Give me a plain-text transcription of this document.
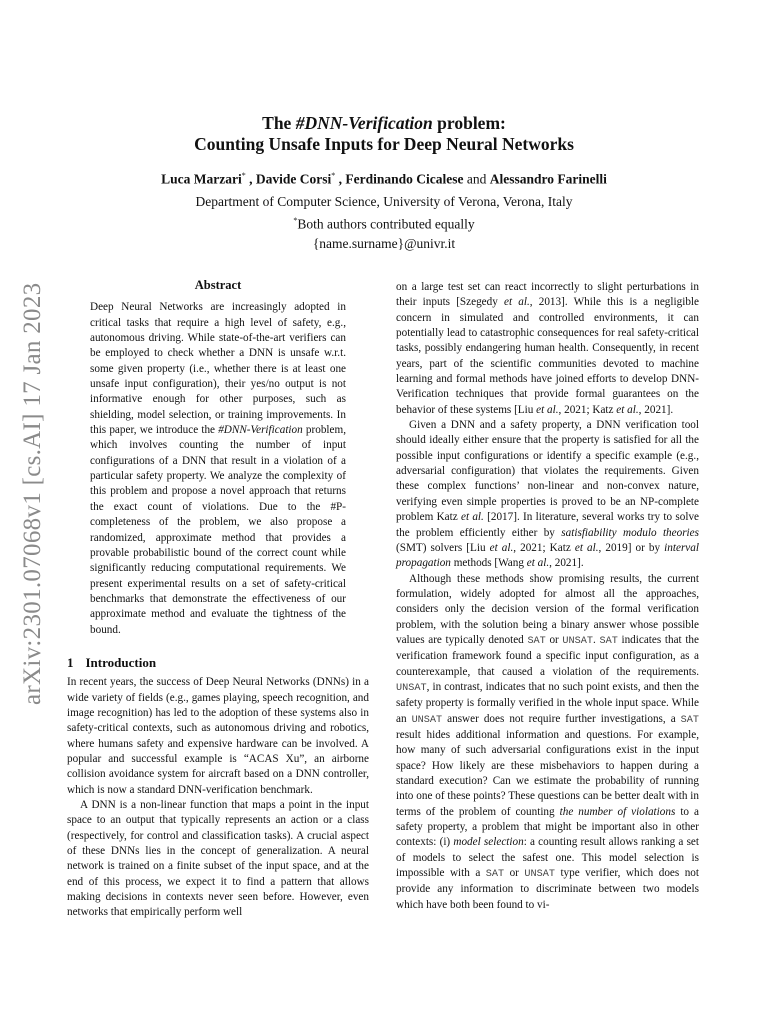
arXiv:2301.07068v1 [cs.AI] 17 Jan 2023
The #DNN-Verification problem:
Counting Unsafe Inputs for Deep Neural Networks
Luca Marzari* , Davide Corsi* , Ferdinando Cicalese and Alessandro Farinelli
Department of Computer Science, University of Verona, Verona, Italy
*Both authors contributed equally
{name.surname}@univr.it
Abstract

Deep Neural Networks are increasingly adopted in critical tasks that require a high level of safety, e.g., autonomous driving. While state-of-the-art verifiers can be employed to check whether a DNN is unsafe w.r.t. some given property (i.e., whether there is at least one unsafe input configuration), their yes/no output is not informative enough for other purposes, such as shielding, model selection, or training improvements. In this paper, we introduce the #DNN-Verification problem, which involves counting the number of input configurations of a DNN that result in a violation of a particular safety property. We analyze the complexity of this problem and propose a novel approach that returns the exact count of violations. Due to the #P-completeness of the problem, we also propose a randomized, approximate method that provides a provable probabilistic bound of the correct count while significantly reducing computational requirements. We present experimental results on a set of safety-critical benchmarks that demonstrate the effectiveness of our approximate method and evaluate the tightness of the bound.

1 Introduction

In recent years, the success of Deep Neural Networks (DNNs) in a wide variety of fields (e.g., games playing, speech recognition, and image recognition) has led to the adoption of these systems also in safety-critical contexts, such as autonomous driving and robotics, where humans safety and expensive hardware can be involved. A popular and successful example is “ACAS Xu”, an airborne collision avoidance system for aircraft based on a DNN controller, which is now a standard DNN-verification benchmark.

A DNN is a non-linear function that maps a point in the input space to an output that typically represents an action or a class (respectively, for control and classification tasks). A crucial aspect of these DNNs lies in the concept of generalization. A neural network is trained on a finite subset of the input space, and at the end of this process, we expect it to find a pattern that allows making decisions in contexts never seen before. However, even networks that empirically perform well

on a large test set can react incorrectly to slight perturbations in their inputs [Szegedy et al., 2013]. While this is a negligible concern in simulated and controlled environments, it can potentially lead to catastrophic consequences for real safety-critical tasks, possibly endangering human health. Consequently, in recent years, part of the scientific communities devoted to machine learning and formal methods have joined efforts to develop DNN-Verification techniques that provide formal guarantees on the behavior of these systems [Liu et al., 2021; Katz et al., 2021].

Given a DNN and a safety property, a DNN verification tool should ideally either ensure that the property is satisfied for all the possible input configurations or identify a specific example (e.g., adversarial configuration) that violates the requirements. Given these complex functions’ non-linear and non-convex nature, verifying even simple properties is proved to be an NP-complete problem Katz et al. [2017]. In literature, several works try to solve the problem efficiently either by satisfiability modulo theories (SMT) solvers [Liu et al., 2021; Katz et al., 2019] or by interval propagation methods [Wang et al., 2021].

Although these methods show promising results, the current formulation, widely adopted for almost all the approaches, considers only the decision version of the formal verification problem, with the solution being a binary answer whose possible values are typically denoted SAT or UNSAT. SAT indicates that the verification framework found a specific input configuration, as a counterexample, that caused a violation of the requirements. UNSAT, in contrast, indicates that no such point exists, and then the safety property is formally verified in the whole input space. While an UNSAT answer does not require further investigations, a SAT result hides additional information and questions. For example, how many of such adversarial configurations exist in the input space? How likely are these misbehaviors to happen during a standard execution? Can we estimate the probability of running into one of these points? These questions can be better dealt with in terms of the problem of counting the number of violations to a safety property, a problem that might be important also in other contexts: (i) model selection: a counting result allows ranking a set of models to select the safest one. This model selection is impossible with a SAT or UNSAT type verifier, which does not provide any information to discriminate between two models which have both been found to vi-
